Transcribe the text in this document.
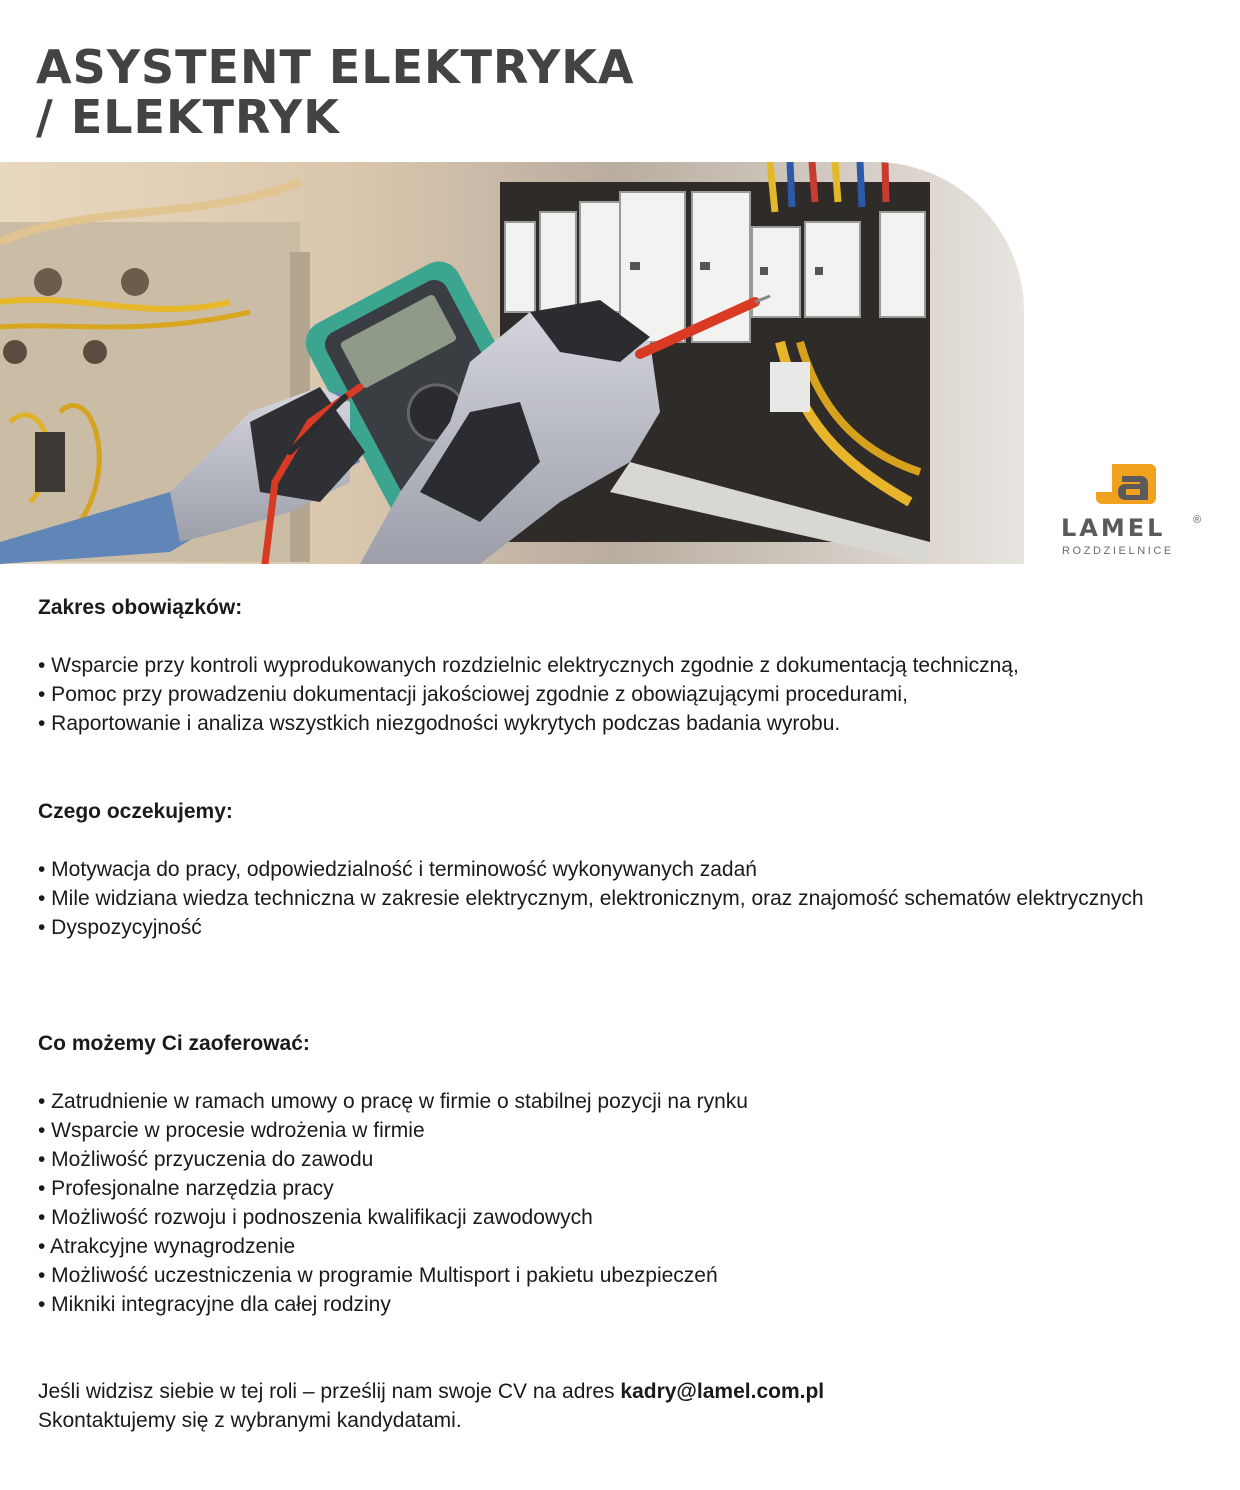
ASYSTENT ELEKTRYKA
/ ELEKTRYK
LAMEL	®
ROZDZIELNICE

Zakres obowiązków:

• Wsparcie przy kontroli wyprodukowanych rozdzielnic elektrycznych zgodnie z dokumentacją techniczną,

• Pomoc przy prowadzeniu dokumentacji jakościowej zgodnie z obowiązującymi procedurami,

• Raportowanie i analiza wszystkich niezgodności wykrytych podczas badania wyrobu.

Czego oczekujemy:

• Motywacja do pracy, odpowiedzialność i terminowość wykonywanych zadań

• Mile widziana wiedza techniczna w zakresie elektrycznym, elektronicznym, oraz znajomość schematów elektrycznych

• Dyspozycyjność

Co możemy Ci zaoferować:

• Zatrudnienie w ramach umowy o pracę w firmie o stabilnej pozycji na rynku

• Wsparcie w procesie wdrożenia w firmie

• Możliwość przyuczenia do zawodu

• Profesjonalne narzędzia pracy

• Możliwość rozwoju i podnoszenia kwalifikacji zawodowych

• Atrakcyjne wynagrodzenie

• Możliwość uczestniczenia w programie Multisport i pakietu ubezpieczeń

• Mikniki integracyjne dla całej rodziny

Jeśli widzisz siebie w tej roli – prześlij nam swoje CV na adres kadry@lamel.com.pl

Skontaktujemy się z wybranymi kandydatami.
